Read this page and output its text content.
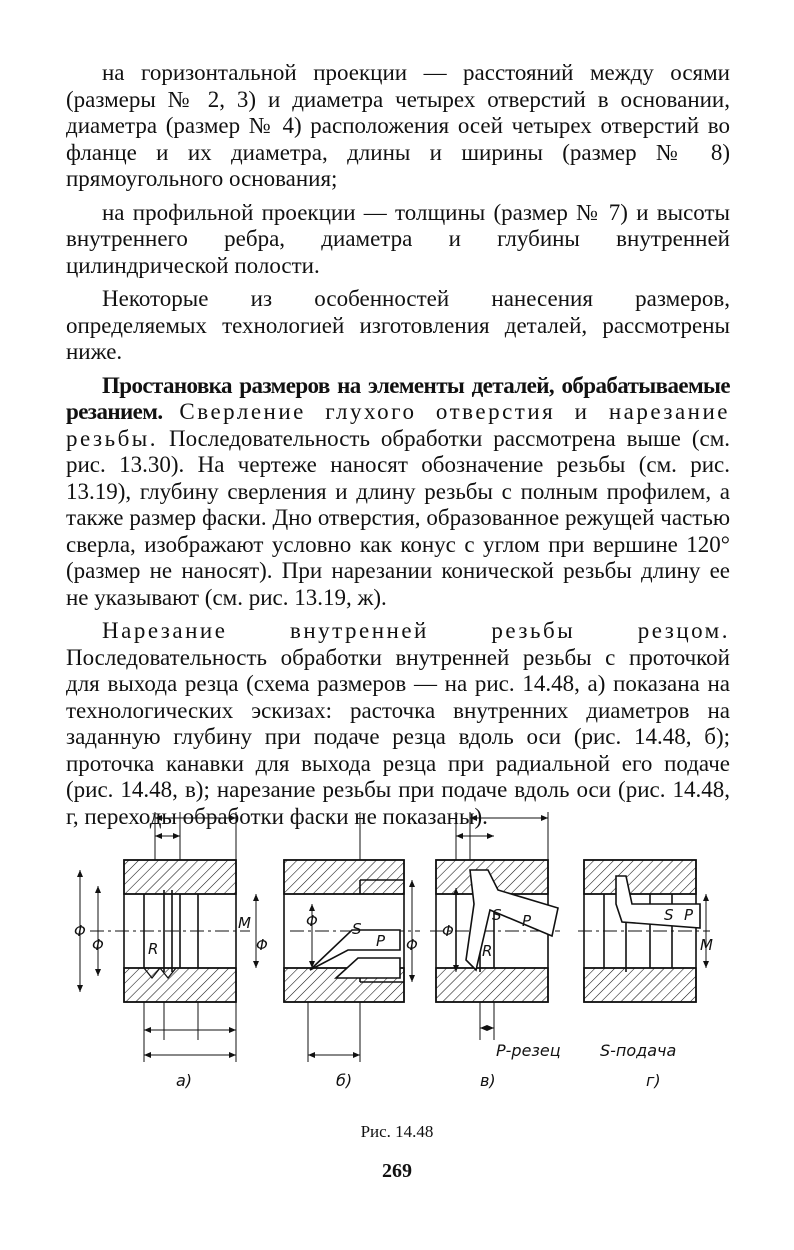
на горизонтальной проекции — расстояний между осями (размеры № 2, 3) и диаметра четырех отверстий в основании, диаметра (размер № 4) расположения осей четырех отверстий во фланце и их диаметра, длины и ширины (размер № 8) прямоугольного основания;

на профильной проекции — толщины (размер № 7) и высоты внутреннего ребра, диаметра и глубины внутренней цилиндрической полости.

Некоторые из особенностей нанесения размеров, определяемых технологией изготовления деталей, рассмотрены ниже.

Простановка размеров на элементы деталей, обрабатываемые резанием. Сверление глухого отверстия и нарезание резьбы. Последовательность обработки рассмотрена выше (см. рис. 13.30). На чертеже наносят обозначение резьбы (см. рис. 13.19), глубину сверления и длину резьбы с полным профилем, а также размер фаски. Дно отверстия, образованное режущей частью сверла, изображают условно как конус с углом при вершине 120° (размер не наносят). При нарезании конической резьбы длину ее не указывают (см. рис. 13.19, ж).

Нарезание внутренней резьбы резцом. Последовательность обработки внутренней резьбы с проточкой для выхода резца (схема размеров — на рис. 14.48, а) показана на технологических эскизах: расточка внутренних диаметров на заданную глубину при подаче резца вдоль оси (рис. 14.48, б); проточка канавки для выхода резца при радиальной его подаче (рис. 14.48, в); нарезание резьбы при подаче вдоль оси (рис. 14.48, г, переходы обработки фаски не показаны).

Φ
Φ
M
Φ
R
Φ
Φ
S
P
Φ
S P
R
S P
M
Р-резец S-подача
а)	б)	в)	г)
Рис. 14.48
269
